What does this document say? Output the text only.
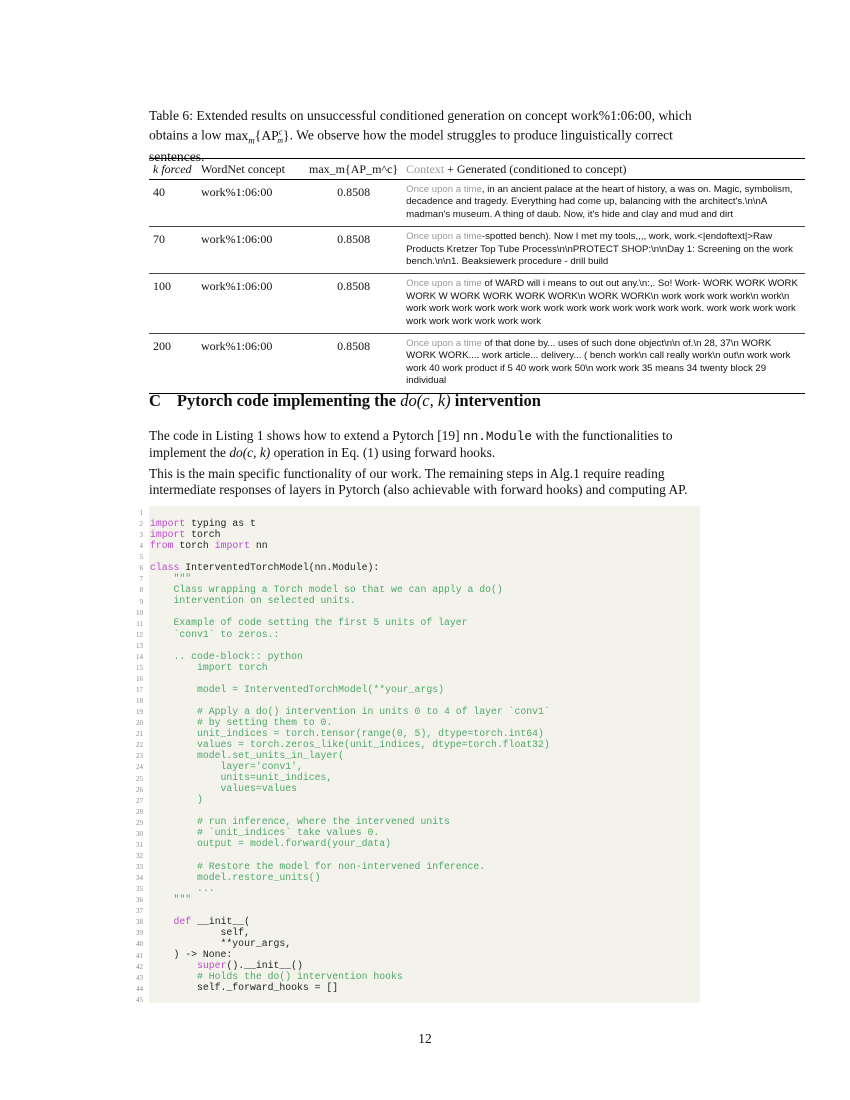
Table 6: Extended results on unsuccessful conditioned generation on concept work%1:06:00, which obtains a low $\max_m\{AP^c_m\}$. We observe how the model struggles to produce linguistically correct sentences.
k forced	WordNet concept	max_m{AP_m^c}	Context + Generated (conditioned to concept)
40	work%1:06:00	0.8508	Once upon a time, in an ancient palace at the heart of history, a was on. Magic, symbolism, decadence and tragedy. Everything had come up, balancing with the architect's.\n\nA madman's museum. A thing of daub. Now, it's hide and clay and mud and dirt
70	work%1:06:00	0.8508	Once upon a time-spotted bench). Now I met my tools,,,, work, work.<|endoftext|>Raw Products Kretzer Top Tube Process\n\nPROTECT SHOP:\n\nDay 1: Screening on the work bench.\n\n1. Beaksiewerk procedure - drill build
100	work%1:06:00	0.8508	Once upon a time of WARD will i means to out out any.\n:,. So! Work- WORK WORK WORK WORK W WORK WORK WORK WORK\n WORK WORK\n work work work work\n work\n work work work work work work work work work work work work work. work work work work work work work work work work
200	work%1:06:00	0.8508	Once upon a time of that done by... uses of such done object\n\n of.\n 28, 37\n WORK WORK WORK.... work article... delivery... ( bench work\n call really work\n out\n work work work 40 work product if 5 40 work work 50\n work work 35 means 34 twenty block 29 individual
C Pytorch code implementing the do(c, k) intervention
The code in Listing 1 shows how to extend a Pytorch [19] nn.Module with the functionalities to implement the do(c, k) operation in Eq. (1) using forward hooks.
This is the main specific functionality of our work. The remaining steps in Alg.1 require reading intermediate responses of layers in Pytorch (also achievable with forward hooks) and computing AP.
1
2
3
4
5
6
7
8
9
10
11
12
13
14
15
16
17
18
19
20
21
22
23
24
25
26
27
28
29
30
31
32
33
34
35
36
37
38
39
40
41
42
43
44
45
import typing as t
import torch
from torch import nn
class InterventedTorchModel(nn.Module):
"""
Class wrapping a Torch model so that we can apply a do()
intervention on selected units.
Example of code setting the first 5 units of layer
`conv1` to zeros.:
.. code-block:: python
import torch
model = InterventedTorchModel(**your_args)
# Apply a do() intervention in units 0 to 4 of layer `conv1`
# by setting them to 0.
unit_indices = torch.tensor(range(0, 5), dtype=torch.int64)
values = torch.zeros_like(unit_indices, dtype=torch.float32)
model.set_units_in_layer(
layer='conv1',
units=unit_indices,
values=values
)
# run inference, where the intervened units
# `unit_indices` take values 0.
output = model.forward(your_data)
# Restore the model for non-intervened inference.
model.restore_units()
...
"""
def __init__(
self,
**your_args,
) -> None:
super().__init__()
# Holds the do() intervention hooks
self._forward_hooks = []
12
